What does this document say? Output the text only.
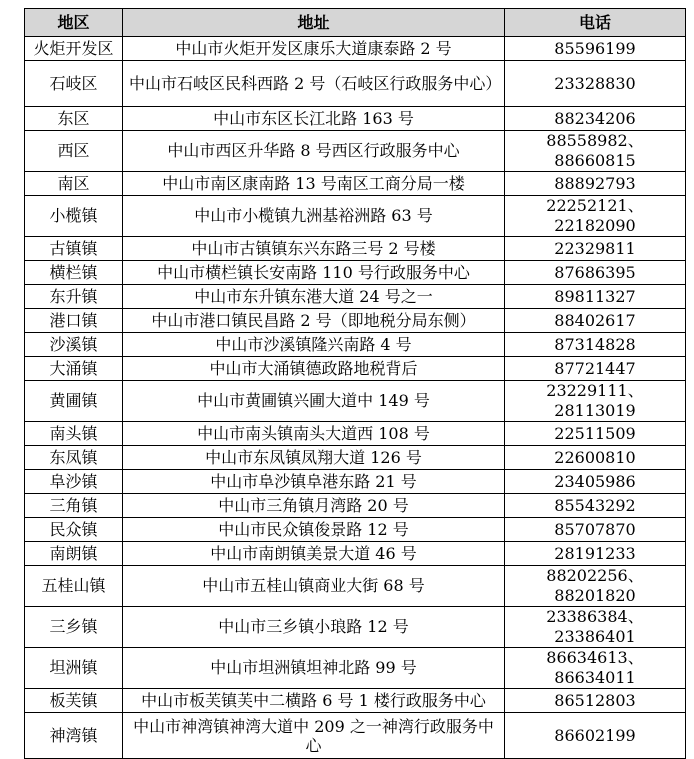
地区	地址	电话
火炬开发区	中山市火炬开发区康乐大道康泰路 2 号	85596199
石岐区	中山市石岐区民科西路 2 号（石岐区行政服务中心）	23328830
东区	中山市东区长江北路 163 号	88234206
西区	中山市西区升华路 8 号西区行政服务中心	88558982、88660815
南区	中山市南区康南路 13 号南区工商分局一楼	88892793
小榄镇	中山市小榄镇九洲基裕洲路 63 号	22252121、22182090
古镇镇	中山市古镇镇东兴东路三号 2 号楼	22329811
横栏镇	中山市横栏镇长安南路 110 号行政服务中心	87686395
东升镇	中山市东升镇东港大道 24 号之一	89811327
港口镇	中山市港口镇民昌路 2 号（即地税分局东侧）	88402617
沙溪镇	中山市沙溪镇隆兴南路 4 号	87314828
大涌镇	中山市大涌镇德政路地税背后	87721447
黄圃镇	中山市黄圃镇兴圃大道中 149 号	23229111、28113019
南头镇	中山市南头镇南头大道西 108 号	22511509
东凤镇	中山市东凤镇凤翔大道 126 号	22600810
阜沙镇	中山市阜沙镇阜港东路 21 号	23405986
三角镇	中山市三角镇月湾路 20 号	85543292
民众镇	中山市民众镇俊景路 12 号	85707870
南朗镇	中山市南朗镇美景大道 46 号	28191233
五桂山镇	中山市五桂山镇商业大街 68 号	88202256、88201820
三乡镇	中山市三乡镇小琅路 12 号	23386384、23386401
坦洲镇	中山市坦洲镇坦神北路 99 号	86634613、86634011
板芙镇	中山市板芙镇芙中二横路 6 号 1 楼行政服务中心	86512803
神湾镇	中山市神湾镇神湾大道中 209 之一神湾行政服务中心	86602199
